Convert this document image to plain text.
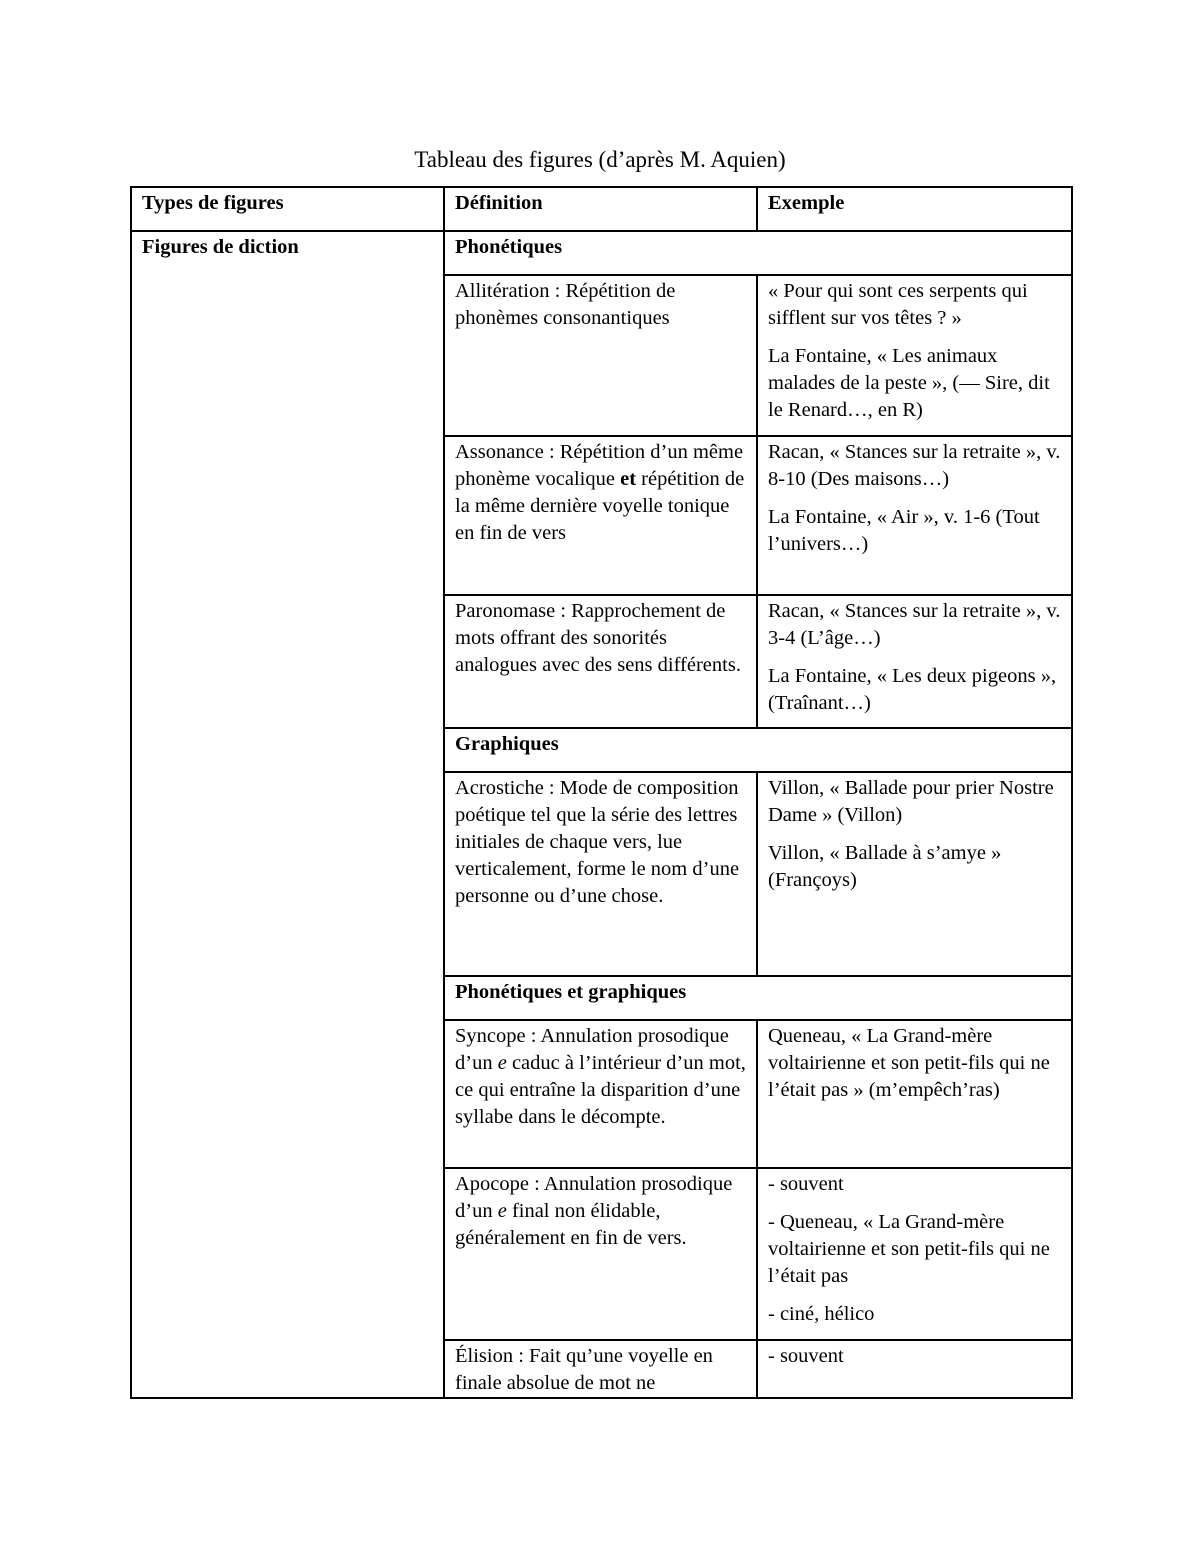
Tableau des figures (d’après M. Aquien)
Types de figures	Définition	Exemple
Figures de diction	Phonétiques	
	Allitération : Répétition de phonèmes consonantiques	« Pour qui sont ces serpents qui sifflent sur vos têtes ? »

La Fontaine, « Les animaux malades de la peste », (— Sire, dit le Renard…, en R)

	Assonance : Répétition d’un même phonème vocalique et répétition de la même dernière voyelle tonique en fin de vers	Racan, « Stances sur la retraite », v. 8-10 (Des maisons…)

La Fontaine, « Air », v. 1-6 (Tout l’univers…)

	Paronomase : Rapprochement de mots offrant des sonorités analogues avec des sens différents.	Racan, « Stances sur la retraite », v. 3-4 (L’âge…)

La Fontaine, « Les deux pigeons », (Traînant…)

	Graphiques	
	Acrostiche : Mode de composition poétique tel que la série des lettres initiales de chaque vers, lue verticalement, forme le nom d’une personne ou d’une chose.	Villon, « Ballade pour prier Nostre Dame » (Villon)

Villon, « Ballade à s’amye » (Françoys)

	Phonétiques et graphiques	
	Syncope : Annulation prosodique d’un e caduc à l’intérieur d’un mot, ce qui entraîne la disparition d’une syllabe dans le décompte.	Queneau, « La Grand-mère voltairienne et son petit-fils qui ne l’était pas » (m’empêch’ras)

	Apocope : Annulation prosodique d’un e final non élidable, généralement en fin de vers.	- souvent

- Queneau, « La Grand-mère voltairienne et son petit-fils qui ne l’était pas

- ciné, hélico

	Élision : Fait qu’une voyelle en finale absolue de mot ne	- souvent
